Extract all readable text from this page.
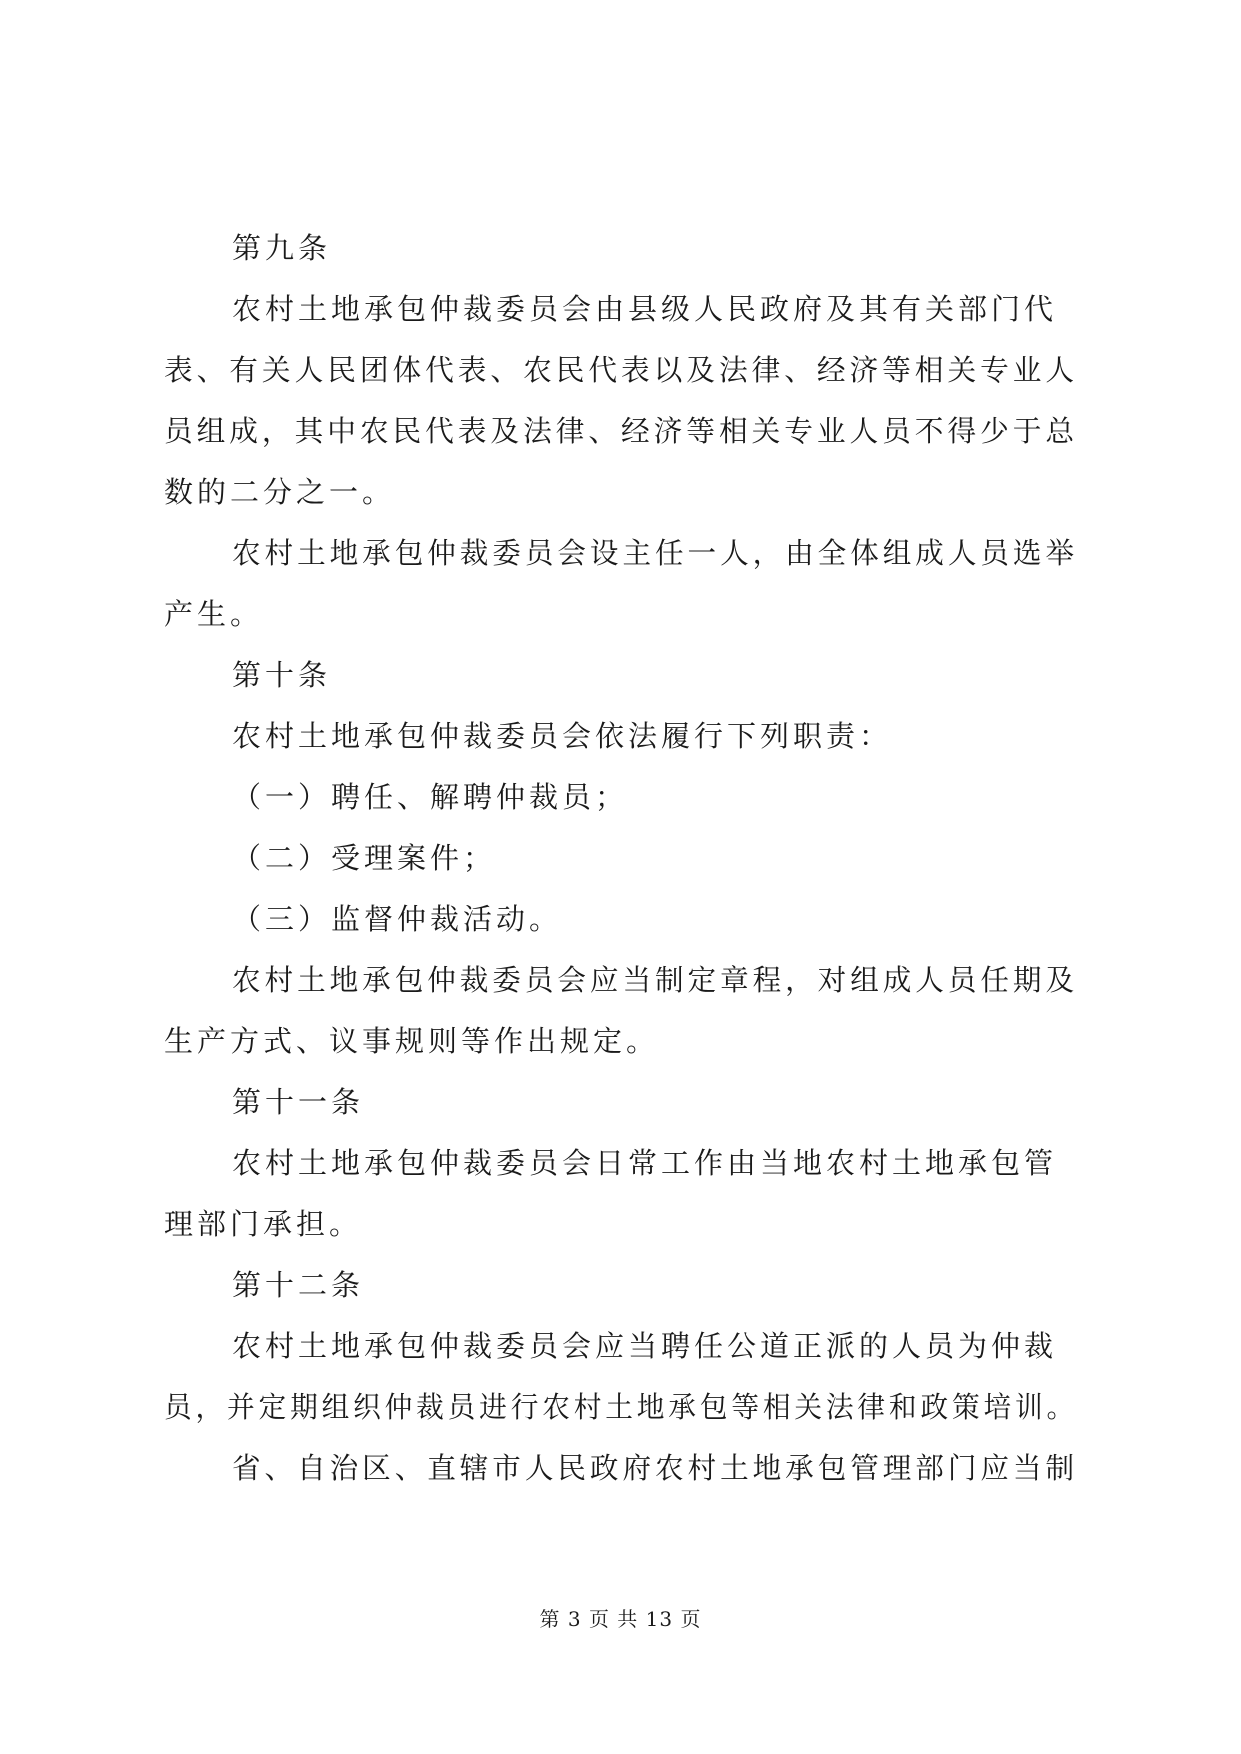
第九条
农村土地承包仲裁委员会由县级人民政府及其有关部门代
表、有关人民团体代表、农民代表以及法律、经济等相关专业人
员组成，其中农民代表及法律、经济等相关专业人员不得少于总
数的二分之一。
农村土地承包仲裁委员会设主任一人，由全体组成人员选举
产生。
第十条
农村土地承包仲裁委员会依法履行下列职责：
（一）聘任、解聘仲裁员；
（二）受理案件；
（三）监督仲裁活动。
农村土地承包仲裁委员会应当制定章程，对组成人员任期及
生产方式、议事规则等作出规定。
第十一条
农村土地承包仲裁委员会日常工作由当地农村土地承包管
理部门承担。
第十二条
农村土地承包仲裁委员会应当聘任公道正派的人员为仲裁
员，并定期组织仲裁员进行农村土地承包等相关法律和政策培训。
省、自治区、直辖市人民政府农村土地承包管理部门应当制
第 3 页 共 13 页
